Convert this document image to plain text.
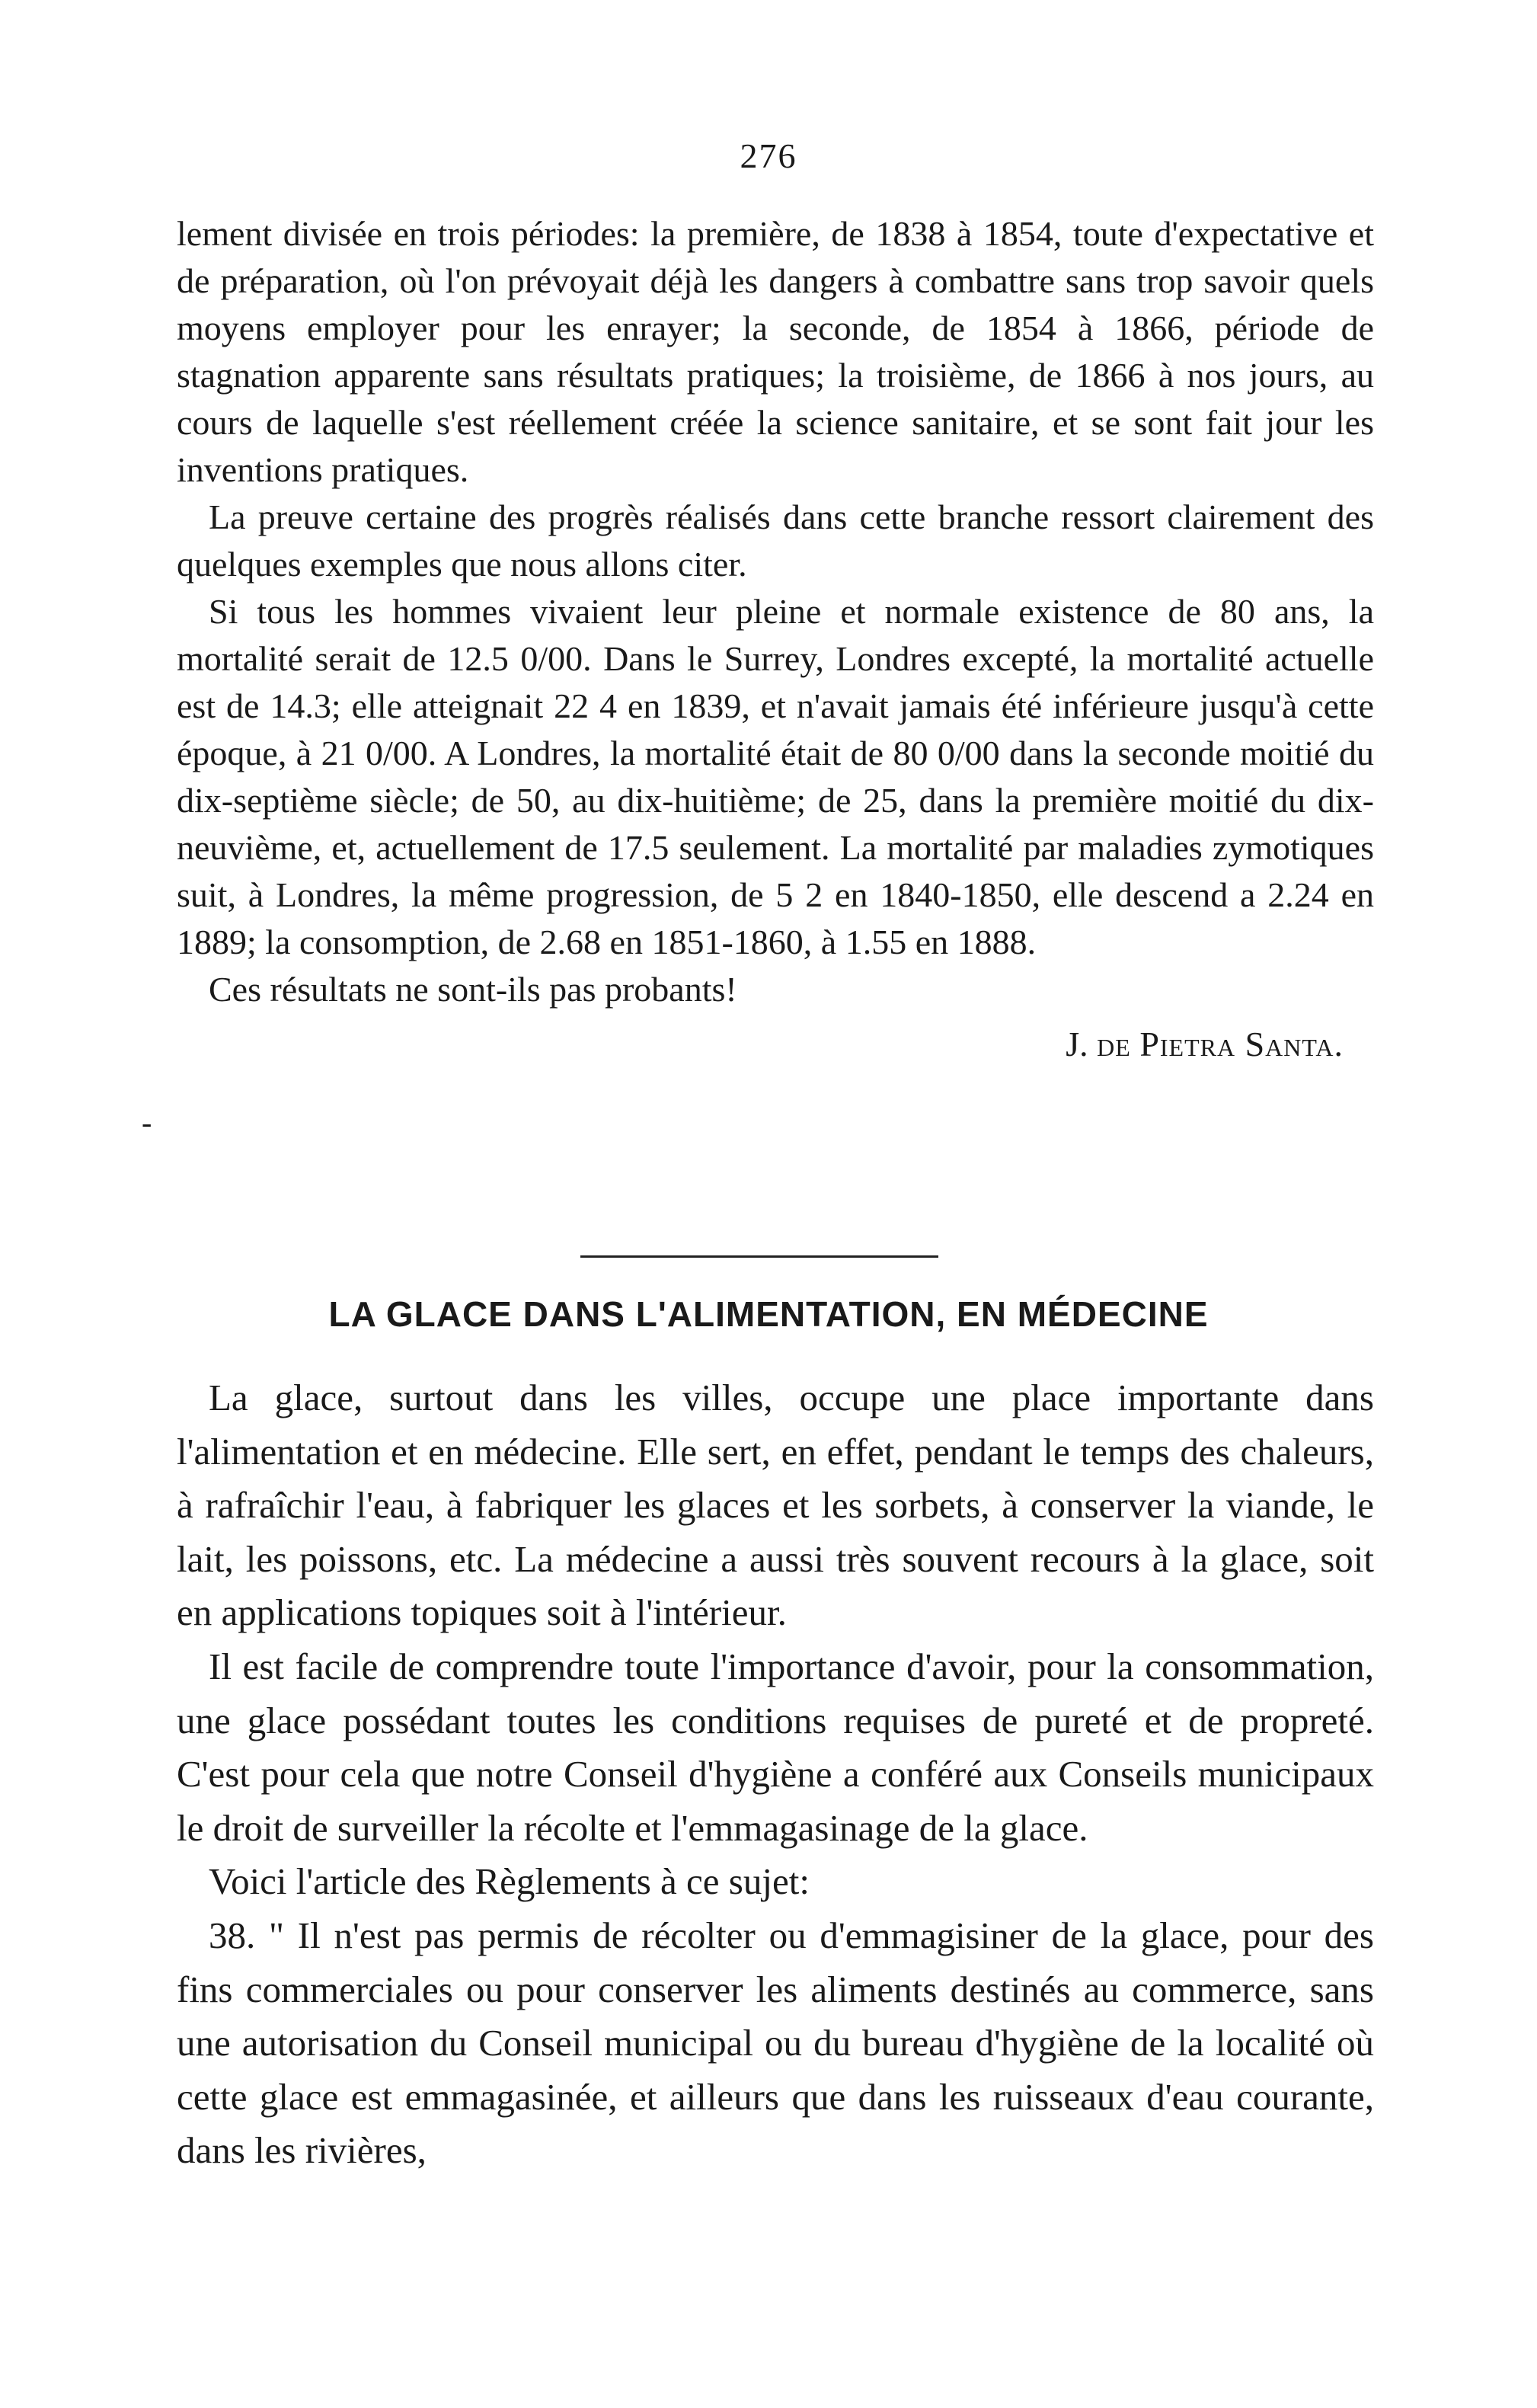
276
-

lement divisée en trois périodes: la première, de 1838 à 1854, toute d'expectative et de préparation, où l'on prévoyait déjà les dangers à combattre sans trop savoir quels moyens employer pour les enrayer; la seconde, de 1854 à 1866, période de stagnation apparente sans résultats pratiques; la troisième, de 1866 à nos jours, au cours de laquelle s'est réellement créée la science sanitaire, et se sont fait jour les inventions pratiques.

La preuve certaine des progrès réalisés dans cette branche ressort clairement des quelques exemples que nous allons citer.

Si tous les hommes vivaient leur pleine et normale existence de 80 ans, la mortalité serait de 12.5 0/00. Dans le Surrey, Londres excepté, la mortalité actuelle est de 14.3; elle atteignait 22 4 en 1839, et n'avait jamais été inférieure jusqu'à cette époque, à 21 0/00. A Londres, la mortalité était de 80 0/00 dans la seconde moitié du dix-septième siècle; de 50, au dix-huitième; de 25, dans la première moitié du dix-neuvième, et, actuellement de 17.5 seulement. La mortalité par maladies zymotiques suit, à Londres, la même progression, de 5 2 en 1840-1850, elle descend a 2.24 en 1889; la consomption, de 2.68 en 1851-1860, à 1.55 en 1888.

Ces résultats ne sont-ils pas probants!

J. de Pietra Santa.

LA GLACE DANS L'ALIMENTATION, EN MÉDECINE

La glace, surtout dans les villes, occupe une place importante dans l'alimentation et en médecine. Elle sert, en effet, pendant le temps des chaleurs, à rafraîchir l'eau, à fabriquer les glaces et les sorbets, à conserver la viande, le lait, les poissons, etc. La médecine a aussi très souvent recours à la glace, soit en applications topiques soit à l'intérieur.

Il est facile de comprendre toute l'importance d'avoir, pour la consommation, une glace possédant toutes les conditions requises de pureté et de propreté. C'est pour cela que notre Conseil d'hygiène a conféré aux Conseils municipaux le droit de surveiller la récolte et l'emmagasinage de la glace.

Voici l'article des Règlements à ce sujet:

38. " Il n'est pas permis de récolter ou d'emmagisiner de la glace, pour des fins commerciales ou pour conserver les aliments destinés au commerce, sans une autorisation du Conseil municipal ou du bureau d'hygiène de la localité où cette glace est emmagasinée, et ailleurs que dans les ruisseaux d'eau courante, dans les rivières,
